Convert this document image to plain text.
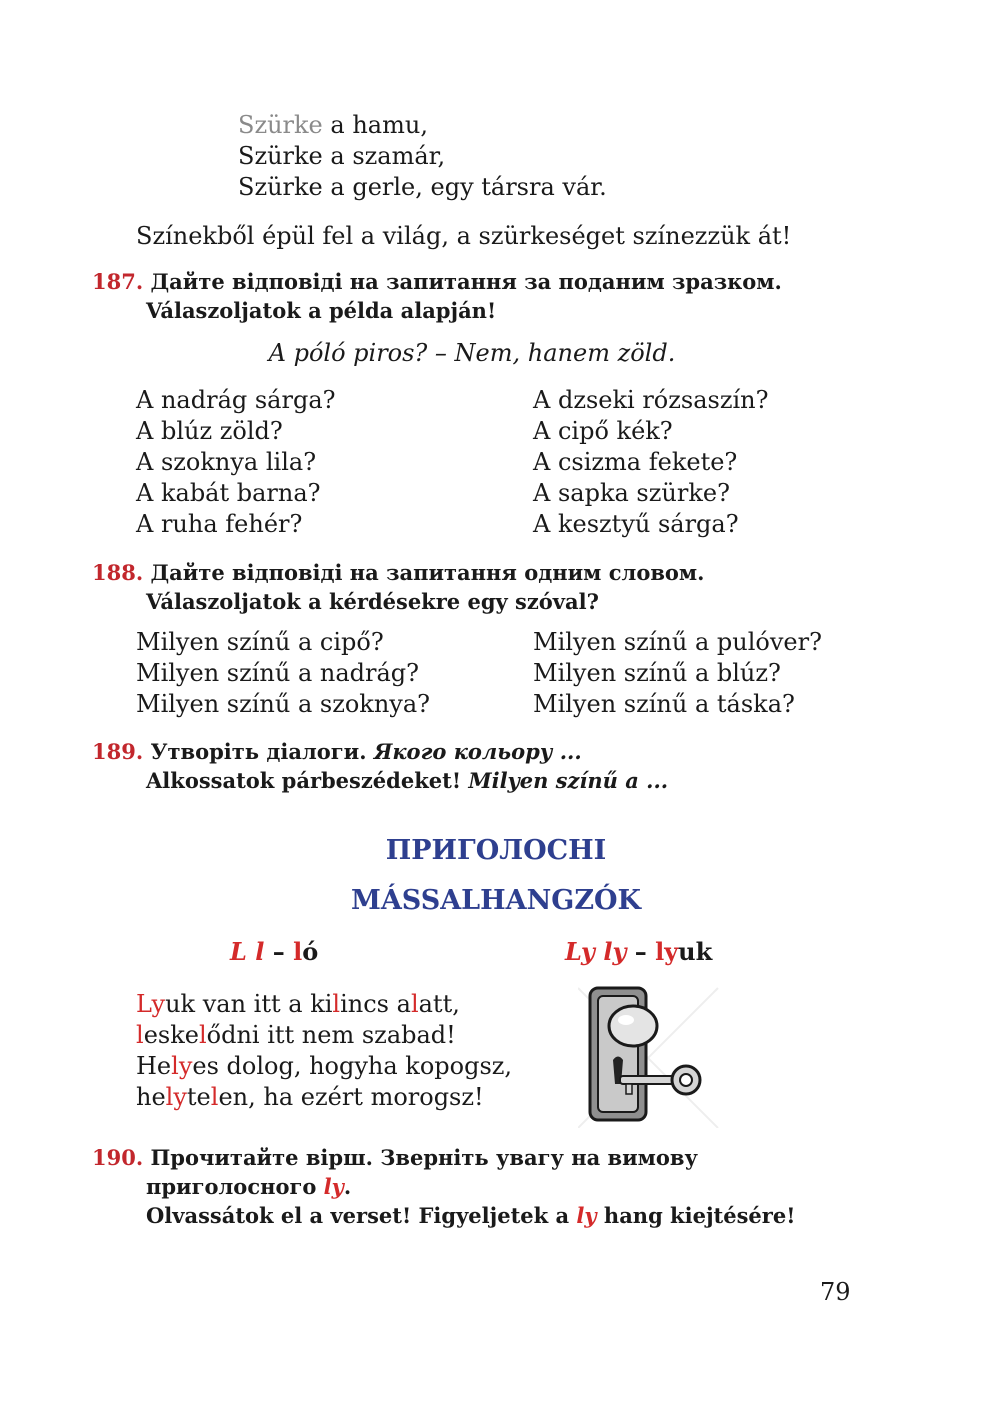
Szürke a hamu,
Szürke a szamár,
Szürke a gerle, egy társra vár.
Színekből épül fel a világ, a szürkeséget színezzük át!
187. Дайте відповіді на запитання за поданим зразком.
Válaszoljatok a példa alapján!
A póló piros? – Nem, hanem zöld.
A nadrág sárga?
A blúz zöld?
A szoknya lila?
A kabát barna?
A ruha fehér?
A dzseki rózsaszín?
A cipő kék?
A csizma fekete?
A sapka szürke?
A kesztyű sárga?
188. Дайте відповіді на запитання одним словом.
Válaszoljatok a kérdésekre egy szóval?
Milyen színű a cipő?
Milyen színű a nadrág?
Milyen színű a szoknya?
Milyen színű a pulóver?
Milyen színű a blúz?
Milyen színű a táska?
189. Утворіть діалоги. Якого кольору ...
Alkossatok párbeszédeket! Milyen színű a ...
ПРИГОЛОСНІ
MÁSSALHANGZÓK
L l – ló	Ly ly – lyuk
Lyuk van itt a kilincs alatt,
leskelődni itt nem szabad!
Helyes dolog, hogyha kopogsz,
helytelen, ha ezért morogsz!
190. Прочитайте вірш. Зверніть увагу на вимову
приголосного ly.
Olvassátok el a verset! Figyeljetek a ly hang kiejtésére!
79
